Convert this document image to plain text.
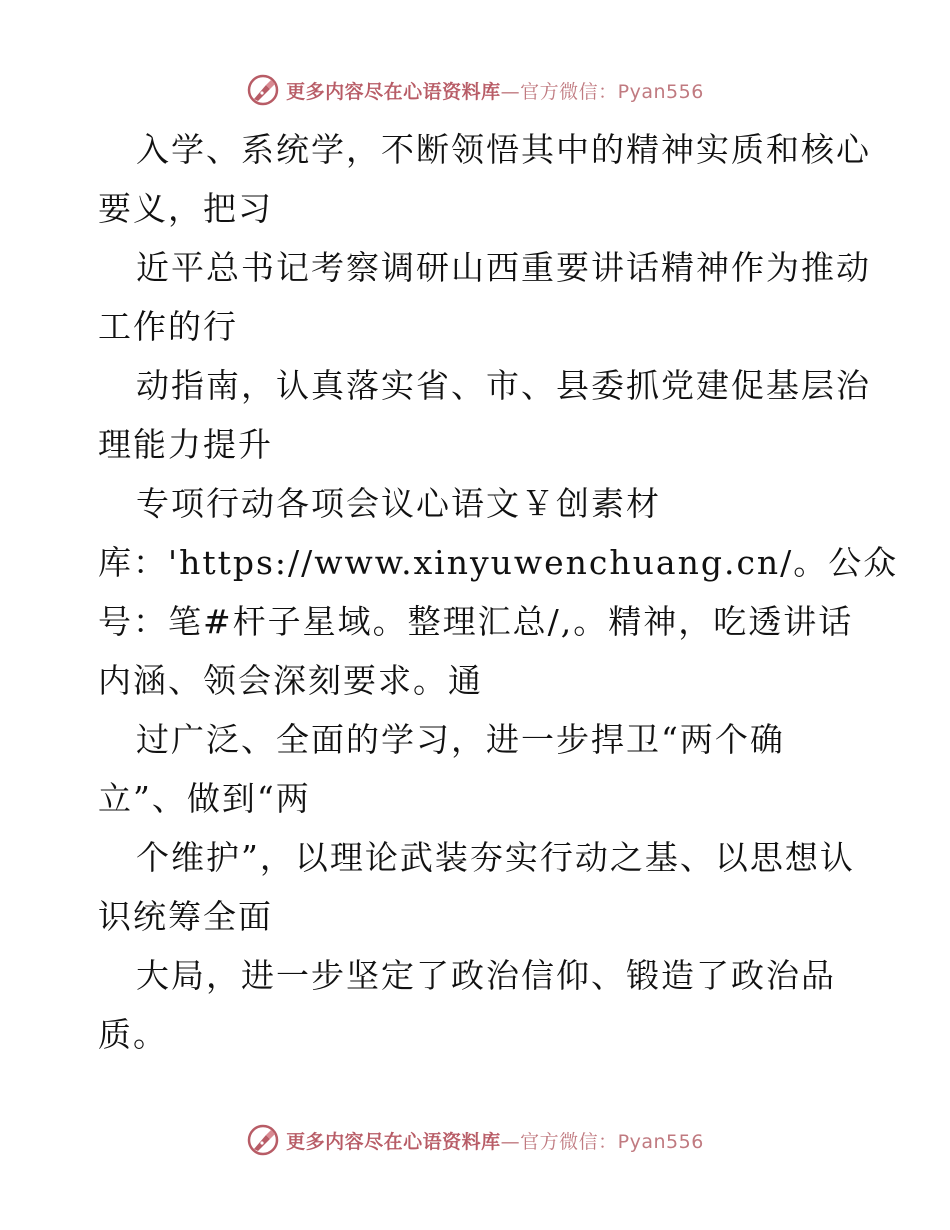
更多内容尽在心语资料库—官方微信：Pyan556
入学、系统学，不断领悟其中的精神实质和核心
要义，把习
近平总书记考察调研山西重要讲话精神作为推动
工作的行
动指南，认真落实省、市、县委抓党建促基层治
理能力提升
专项行动各项会议心语文￥创素材
库：'https://www.xinyuwenchuang.cn/。公众
号：笔#杆子星域。整理汇总/,。精神，吃透讲话
内涵、领会深刻要求。通
过广泛、全面的学习，进一步捍卫“两个确
立”、做到“两
个维护”，以理论武装夯实行动之基、以思想认
识统筹全面
大局，进一步坚定了政治信仰、锻造了政治品
质。
更多内容尽在心语资料库—官方微信：Pyan556
